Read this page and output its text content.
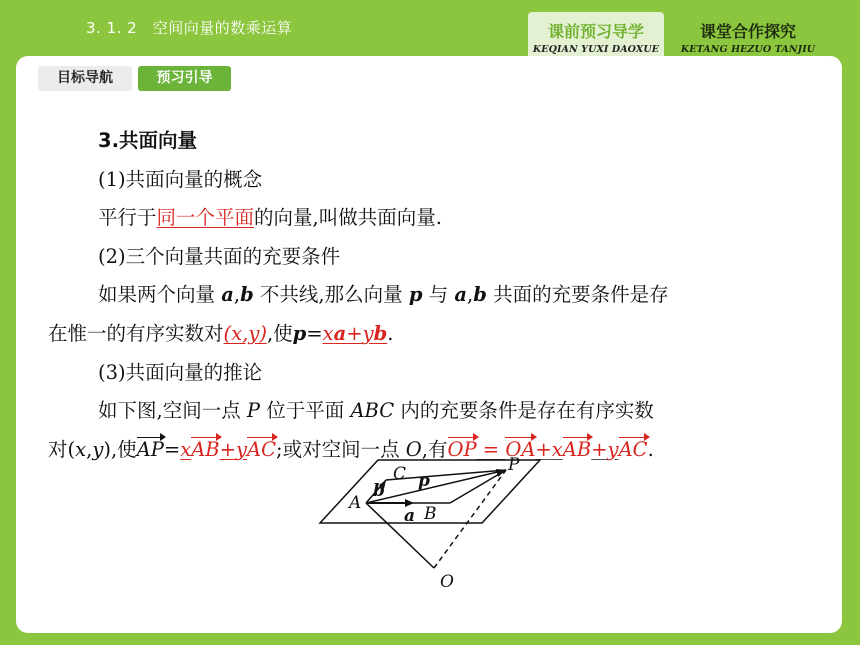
3. 1. 2　空间向量的数乘运算	课前预习导学
KEQIAN YUXI DAOXUE
课堂合作探究
KETANG HEZUO TANJIU
目标导航	预习引导

3.共面向量

(1)共面向量的概念

平行于同一个平面的向量,叫做共面向量.

(2)三个向量共面的充要条件

如果两个向量 a,b 不共线,那么向量 p 与 a,b 共面的充要条件是存

在惟一的有序实数对(x,y),使p=xa+yb.

(3)共面向量的推论

如下图,空间一点 P 位于平面 ABC 内的充要条件是存在有序实数

对(x,y),使AP=xAB+yAC;或对空间一点 O,有OP = OA+xAB+yAC.

A
B
C	P
O
a
b p
